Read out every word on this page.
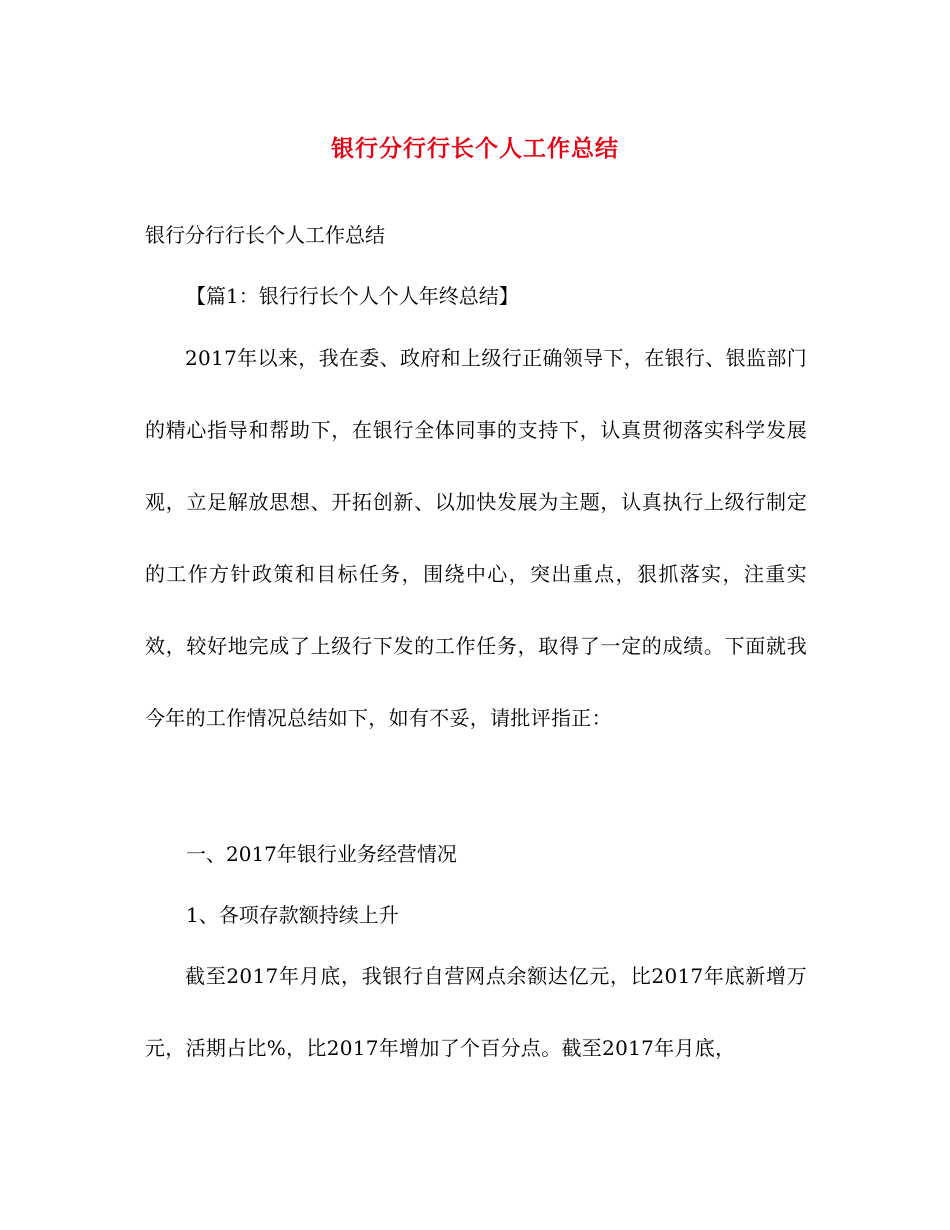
银行分行行长个人工作总结
银行分行行长个人工作总结
【篇1：银行行长个人个人年终总结】

2017年以来，我在委、政府和上级行正确领导下，在银行、银监部门的精心指导和帮助下，在银行全体同事的支持下，认真贯彻落实科学发展观，立足解放思想、开拓创新、以加快发展为主题，认真执行上级行制定的工作方针政策和目标任务，围绕中心，突出重点，狠抓落实，注重实效，较好地完成了上级行下发的工作任务，取得了一定的成绩。下面就我今年的工作情况总结如下，如有不妥，请批评指正：

一、2017年银行业务经营情况
1、各项存款额持续上升

截至2017年月底，我银行自营网点余额达亿元，比2017年底新增万元，活期占比%，比2017年增加了个百分点。截至2017年月底，
